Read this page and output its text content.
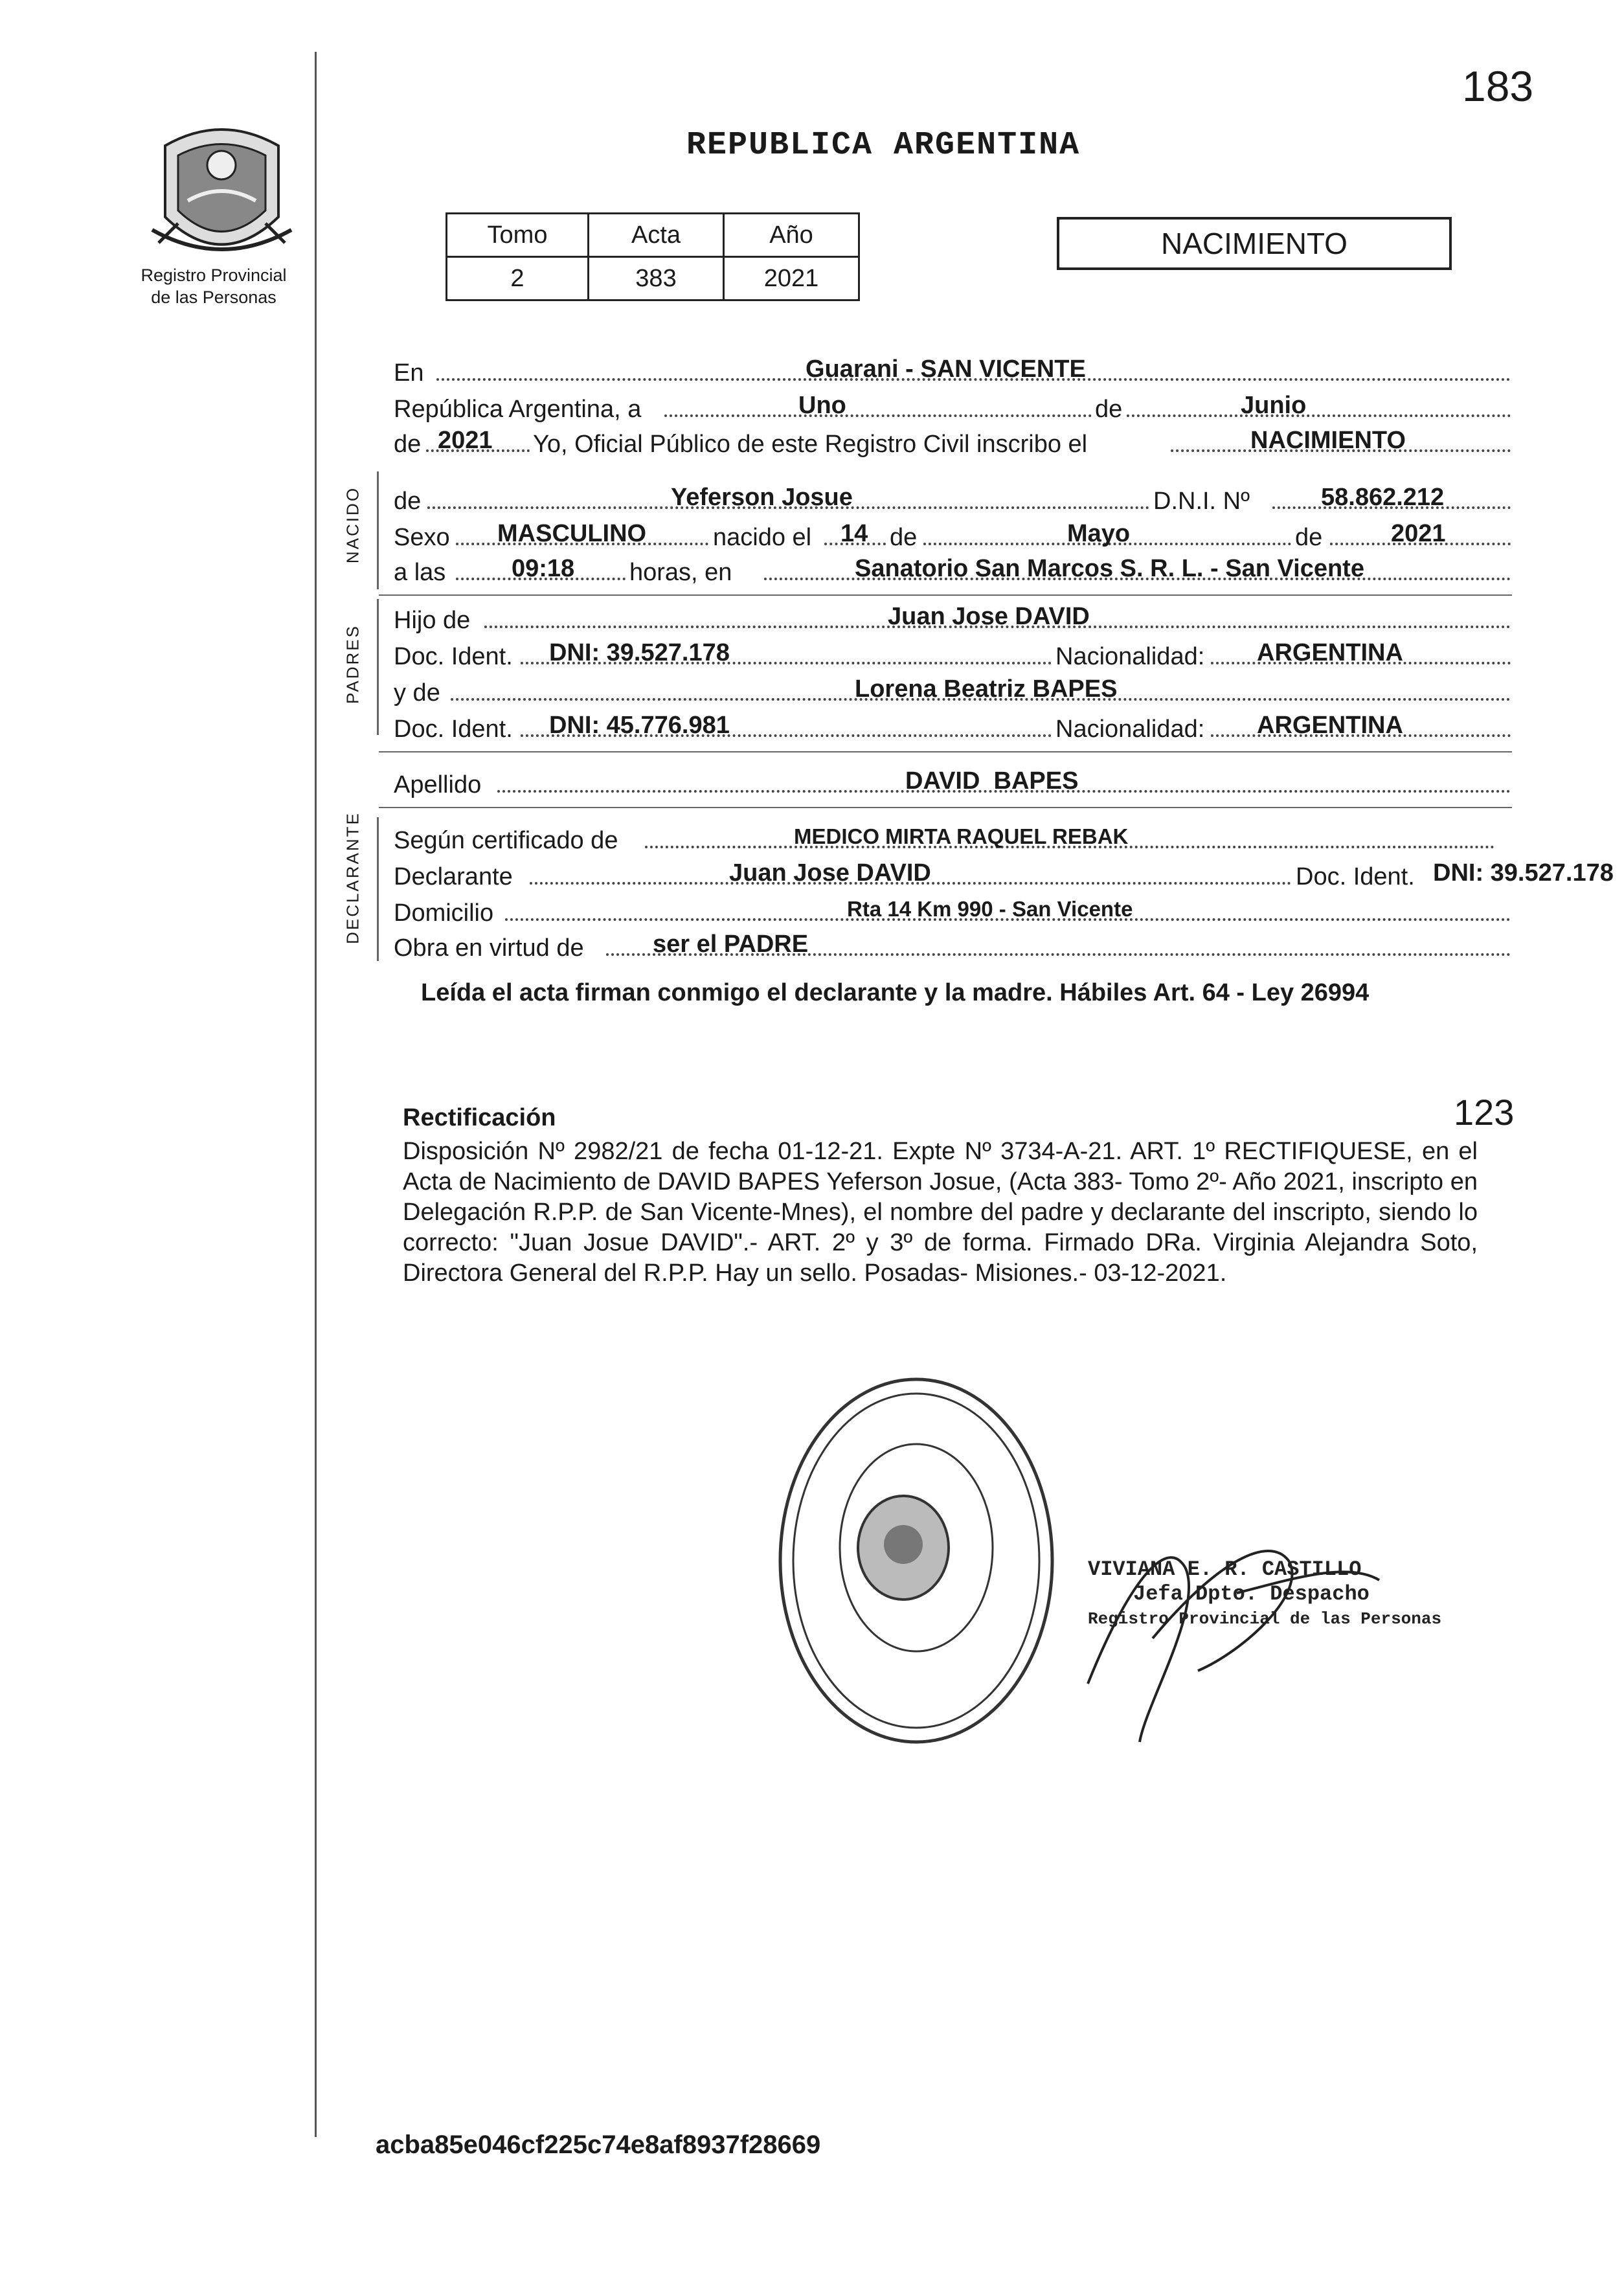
Registro Provincial
de las Personas
183
REPUBLICA ARGENTINA
Tomo	Acta	Año
2	383	2021
NACIMIENTO
NACIDO
PADRES
DECLARANTE
En	Guarani - SAN VICENTE
República Argentina, a	Uno	de	Junio
de 2021 Yo, Oficial Público de este Registro Civil inscribo el	NACIMIENTO
de	Yeferson Josue	D.N.I. Nº	58.862.212
Sexo MASCULINO	nacido el 14 de	Mayo	de	2021
a las	09:18 horas, en	Sanatorio San Marcos S. R. L. - San Vicente
Hijo de	Juan Jose DAVID
Doc. Ident. DNI: 39.527.178	Nacionalidad: ARGENTINA
y de	Lorena Beatriz BAPES
Doc. Ident. DNI: 45.776.981	Nacionalidad: ARGENTINA
Apellido	DAVID  BAPES
Según certificado de	MEDICO MIRTA RAQUEL REBAK
Declarante	Juan Jose DAVID	Doc. Ident. DNI: 39.527.178
Domicilio	Rta 14 Km 990 - San Vicente
Obra en virtud de	ser el PADRE
Leída el acta firman conmigo el declarante y la madre. Hábiles Art. 64 - Ley 26994
Rectificación	123
Disposición Nº 2982/21 de fecha 01-12-21. Expte Nº 3734-A-21. ART. 1º RECTIFIQUESE, en el Acta de Nacimiento de DAVID BAPES Yeferson Josue, (Acta 383- Tomo 2º- Año 2021, inscripto en Delegación R.P.P. de San Vicente-Mnes), el nombre del padre y declarante del inscripto, siendo lo correcto: "Juan Josue DAVID".- ART. 2º y 3º de forma. Firmado DRa. Virginia Alejandra Soto, Directora General del R.P.P. Hay un sello. Posadas- Misiones.- 03-12-2021.
VIVIANA E. R. CASTILLO
Jefa Dpto. Despacho
Registro Provincial de las Personas
acba85e046cf225c74e8af8937f28669
